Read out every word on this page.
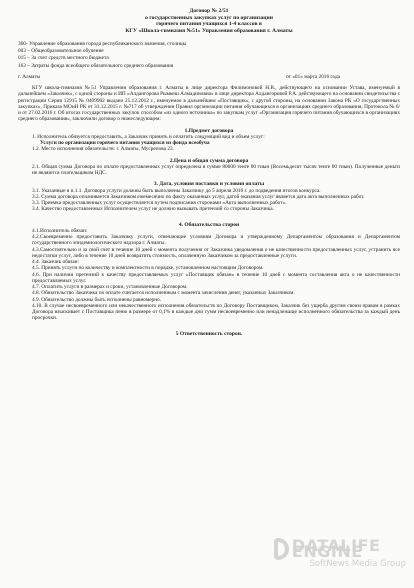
Договор № 2/51
о государственных закупках услуг по организации
горячего питания учащихся 1-4 классов в
КГУ «Школа-гимназия №51» Управления образования г. Алматы
360- Управление образования города республиканского значения, столицы
003 – Общеобразовательное обучение
015 – За счет средств местного бюджета
163 – Затраты фонда всеобщего обязательного среднего образования
г. Алматы	от «01» марта 2016 года
КГУ школа-гимназия №51 Управления образования г. Алматы в лице директора Филимоновой Н.В., действующего на основании Устава, именуемый в дальнейшем «Заказчик», с одной стороны и ИП «Алдангорова Рымкеш Алмадиновна» в лице директора Алдангоровой Р.А. действующего на основании свидетельства с регистрации Серия 12915 № 0409902 выдано 25.12.2012 г., именуемое в дальнейшем «Поставщик», с другой стороны, на основании Закона РК «О государственных закупках», Приказа МОиН РК от 31.12.2015 г. №717 об утверждении Правил организации питания обучающихся в организациях среднего образования, Протокола № 6/н от 27.02.2016 г. Об итогах государственных закупок способом «из одного источника» по закупкам услуг «Организация горячего питания обучающихся в организациях среднего образования», заключили договор о нижеследующем:
1.Предмет договора
1. Исполнитель обязуется предоставить, а Заказчик принять и оплатить следующий вид и объем услуг:
Услуги по организации горячего питания учащихся из фонда всеобуча
1.2. Место исполнения обязательств: г. Алматы, Мусрепова 23.
2.Цена и общая сумма договора
2.1. Общая сумма Договора по оплате предоставленных услуг определена в сумме 80000 тенге 00 тиын (Восемьдесят тысяч тенге 00 тиын). Полученные деньги не являются плательщиком НДС.
3. Дата, условия поставки и условия оплаты
3.1. Указанные в п.1.1. Договора услуги должны быть выполнены Заказчику до 5 апреля 2016 г. до подведения итогов конкурса.
3.2. Сумма договора оплачивается Заказчиком ежемесячно по факту оказанных услуг, датой оказания услуг является дата акта выполненных работ.
3.3. Приемка предоставленных услуг осуществляется путем подписания сторонами «Акта выполненных работ».
3.4. Качество предоставленных Исполнителем услуг не должно вызывать претензий со стороны Заказчика.
4. Обязательства сторон
4.1.Исполнитель обязан:
4.2.Своевременно предоставить Заказчику услуги, отвечающие условиям Договора и утвержденному Департаментом образования и Департаментом государственного эпидемиологического надзора г. Алматы.
4.3.Самостоятельно и за свой счет в течение 10 дней с момента получения от Заказчика уведомления о не качественности предоставленных услуг, устранить все недостатки услуг, либо в течение 10 дней возвратить стоимость, оплаченную Заказчиком за предоставленные услуги.
4.4. Заказчик обязан:
4.5. Принять услуги по количеству и комплектности в порядке, установленном настоящим Договором.
4.6. При наличии претензий к качеству предоставляемых услуг «Поставщик обязан» в течение 10 дней с момента составления акта о не качественности предоставляемых услуг.
4.7. Оплатить услуги в размерах и сроки, установленные Договором.
4.8. Обязательство Заказчика по оплате считается исполненным с момента зачисления денег, указанных Заказчиком.
4.9. Обязательство должны быть исполнены равномерно.
4.10. В случае несвоевременного или некачественного исполнения обязательств по Договору Поставщиком, Заказчик без ущерба другим своим правам в рамках Договора взыскивает с Поставщика пеню в размере от 0,1% в каждые дни сумм несвоевременно или ненадлежаще исполненного обязательства за каждый день просрочки.
5 Ответственность сторон.
DATALIFE ENGINE
SoftNews Media Group
